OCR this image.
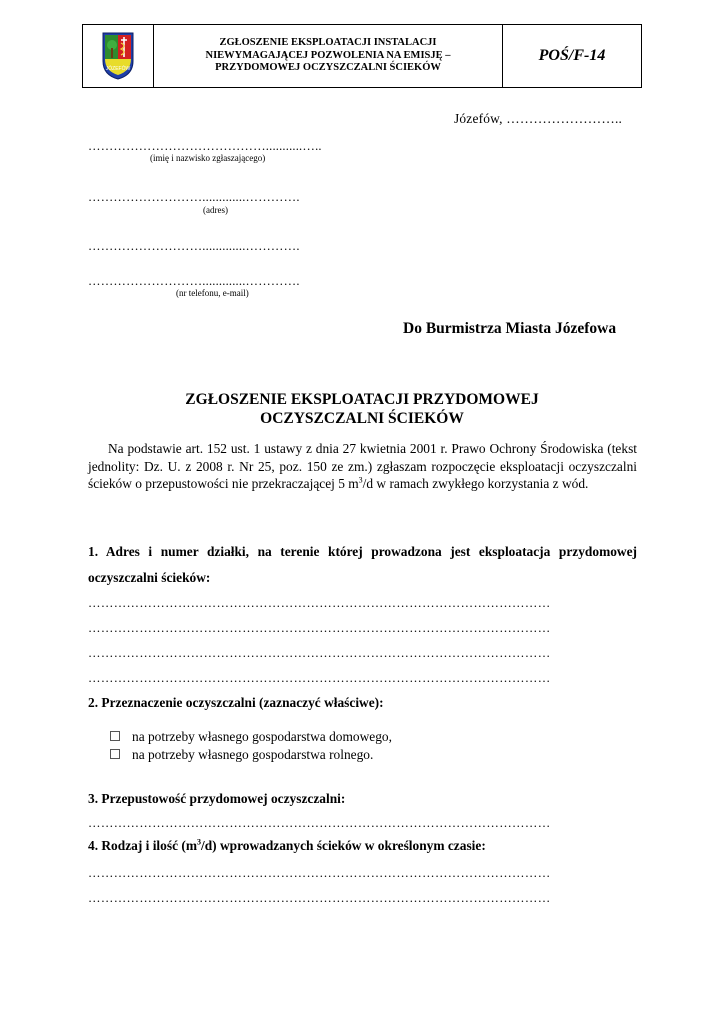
JÓZEFÓW
ZGŁOSZENIE EKSPLOATACJI INSTALACJI
NIEWYMAGAJĄCEJ POZWOLENIA NA EMISJĘ –
PRZYDOMOWEJ OCZYSZCZALNI ŚCIEKÓW
POŚ/F-14
Józefów, ……………………..
……………………………………...........…..
(imię i nazwisko zgłaszającego)
……………………….............………….
(adres)
……………………….............………….
……………………….............………….
(nr telefonu, e-mail)
Do Burmistrza Miasta Józefowa
ZGŁOSZENIE EKSPLOATACJI PRZYDOMOWEJ
OCZYSZCZALNI ŚCIEKÓW
Na podstawie art. 152 ust. 1 ustawy z dnia 27 kwietnia 2001 r. Prawo Ochrony Środowiska (tekst jednolity: Dz. U. z 2008 r. Nr 25, poz. 150 ze zm.) zgłaszam rozpoczęcie eksploatacji oczyszczalni ścieków o przepustowości nie przekraczającej 5 $m^3/d$ w ramach zwykłego korzystania z wód.
1. Adres i numer działki, na terenie której prowadzona jest eksploatacja przydomowej
oczyszczalni ścieków:
………………………………………………………………………………………………
………………………………………………………………………………………………
………………………………………………………………………………………………
………………………………………………………………………………………………
2. Przeznaczenie oczyszczalni (zaznaczyć właściwe):
na potrzeby własnego gospodarstwa domowego,
na potrzeby własnego gospodarstwa rolnego.
3. Przepustowość przydomowej oczyszczalni:
………………………………………………………………………………………………
4. Rodzaj i ilość $(m^3/d)$ wprowadzanych ścieków w określonym czasie:
………………………………………………………………………………………………
………………………………………………………………………………………………
